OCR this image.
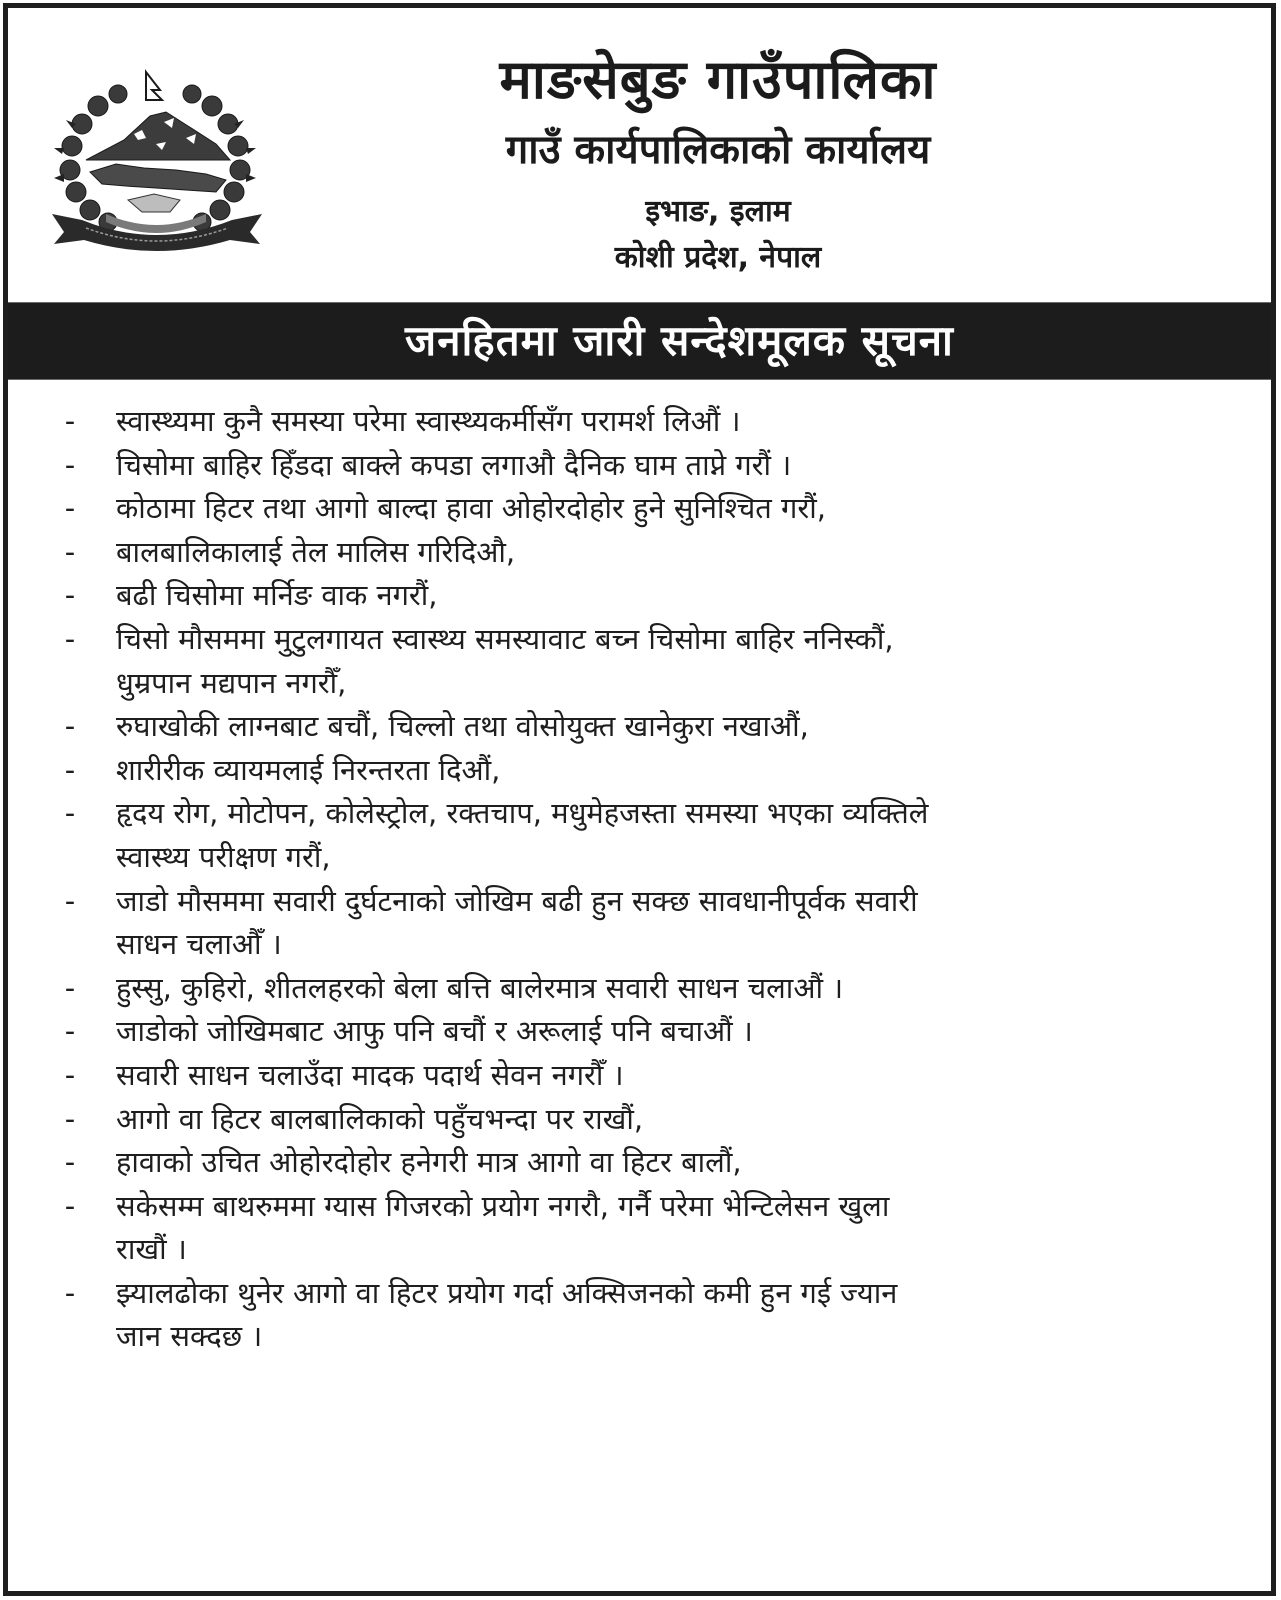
माङसेबुङ गाउँपालिका
गाउँ कार्यपालिकाको कार्यालय
इभाङ, इलाम
कोशी प्रदेश, नेपाल
जनहितमा जारी सन्देशमूलक सूचना
- स्वास्थ्यमा कुनै समस्या परेमा स्वास्थ्यकर्मीसँग परामर्श लिऔं ।
- चिसोमा बाहिर हिँडदा बाक्ले कपडा लगाऔ दैनिक घाम ताप्ने गरौं ।
- कोठामा हिटर तथा आगो बाल्दा हावा ओहोरदोहोर हुने सुनिश्चित गरौं,
- बालबालिकालाई तेल मालिस गरिदिऔ,
- बढी चिसोमा मर्निङ वाक नगरौं,
- चिसो मौसममा मुटुलगायत स्वास्थ्य समस्यावाट बच्न चिसोमा बाहिर ननिस्कौं,
धुम्रपान मद्यपान नगरौँ,
- रुघाखोकी लाग्नबाट बचौं, चिल्लो तथा वोसोयुक्त खानेकुरा नखाऔं,
- शारीरीक व्यायमलाई निरन्तरता दिऔं,
- हृदय रोग, मोटोपन, कोलेस्ट्रोल, रक्तचाप, मधुमेहजस्ता समस्या भएका व्यक्तिले
स्वास्थ्य परीक्षण गरौं,
- जाडो मौसममा सवारी दुर्घटनाको जोखिम बढी हुन सक्छ सावधानीपूर्वक सवारी
साधन चलाऔँ ।
- हुस्सु, कुहिरो, शीतलहरको बेला बत्ति बालेरमात्र सवारी साधन चलाऔं ।
- जाडोको जोखिमबाट आफु पनि बचौं र अरूलाई पनि बचाऔं ।
- सवारी साधन चलाउँदा मादक पदार्थ सेवन नगरौँ ।
- आगो वा हिटर बालबालिकाको पहुँचभन्दा पर राखौं,
- हावाको उचित ओहोरदोहोर हनेगरी मात्र आगो वा हिटर बालौं,
- सकेसम्म बाथरुममा ग्यास गिजरको प्रयोग नगरौ, गर्नै परेमा भेन्टिलेसन खुला
राखौं ।
- झ्यालढोका थुनेर आगो वा हिटर प्रयोग गर्दा अक्सिजनको कमी हुन गई ज्यान
जान सक्दछ ।
